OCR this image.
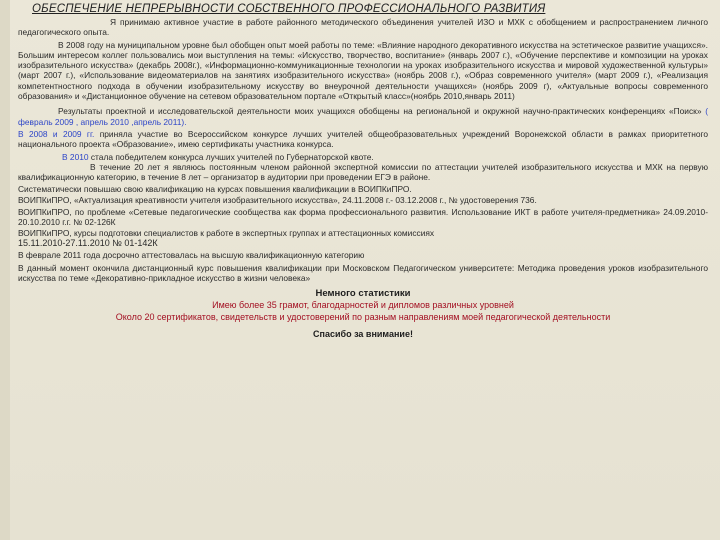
ОБЕСПЕЧЕНИЕ НЕПРЕРЫВНОСТИ СОБСТВЕННОГО ПРОФЕССИОНАЛЬНОГО РАЗВИТИЯ

Я принимаю активное участие в работе районного методического объединения учителей ИЗО и МХК с обобщением и распространением личного педагогического опыта.

В 2008 году на муниципальном уровне был обобщен опыт моей работы по теме: «Влияние народного декоративного искусства на эстетическое развитие учащихся». Большим интересом коллег пользовались мои выступления на темы: «Искусство, творчество, воспитание» (январь 2007 г.), «Обучение перспективе и композиции на уроках изобразительного искусства» (декабрь 2008г.), «Информационно-коммуникационные технологии на уроках изобразительного искусства и мировой художественной культуры» (март 2007 г.), «Использование видеоматериалов на занятиях изобразительного искусства» (ноябрь 2008 г.), «Образ современного учителя» (март 2009 г.), «Реализация компетентностного подхода в обучении изобразительному искусству во внеурочной деятельности учащихся» (ноябрь 2009 г), «Актуальные вопросы современного образования» и «Дистанционное обучение на сетевом образовательном портале «Открытый класс»(ноябрь 2010,январь 2011)

Результаты проектной и исследовательской деятельности моих учащихся обобщены на региональной и окружной научно-практических конференциях «Поиск» ( февраль 2009 , апрель 2010 ,апрель 2011).

В 2008 и 2009 гг. приняла участие во Всероссийском конкурсе лучших учителей общеобразовательных учреждений Воронежской области в рамках приоритетного национального проекта «Образование», имею сертификаты участника конкурса.

В 2010 стала победителем конкурса лучших учителей по Губернаторской квоте.

В течение 20 лет я являюсь постоянным членом районной экспертной комиссии по аттестации учителей изобразительного искусства и МХК на первую квалификационную категорию, в течение 8 лет – организатор в аудитории при проведении ЕГЭ в районе.

Систематически повышаю свою квалификацию на курсах повышения квалификации в ВОИПКиПРО.

ВОИПКиПРО, «Актуализация креативности учителя изобразительного искусства», 24.11.2008 г.- 03.12.2008 г., № удостоверения 736.

ВОИПКиПРО, по проблеме «Сетевые педагогические сообщества как форма профессионального развития. Использование ИКТ в работе учителя-предметника» 24.09.2010-20.10.2010 г.г. № 02-126К

ВОИПКиПРО, курсы подготовки специалистов к работе в экспертных группах и аттестационных комиссиях

15.11.2010-27.11.2010 № 01-142К

В феврале 2011 года досрочно аттестовалась на высшую квалификационную категорию

В данный момент окончила дистанционный курс повышения квалификации при Московском Педагогическом университете: Методика проведения уроков изобразительного искусства по теме «Декоративно-прикладное искусство в жизни человека»

Немного статистики
Имею более 35 грамот, благодарностей и дипломов различных уровней
Около 20 сертификатов, свидетельств и удостоверений по разным направлениям моей педагогической деятельности
Спасибо за внимание!
